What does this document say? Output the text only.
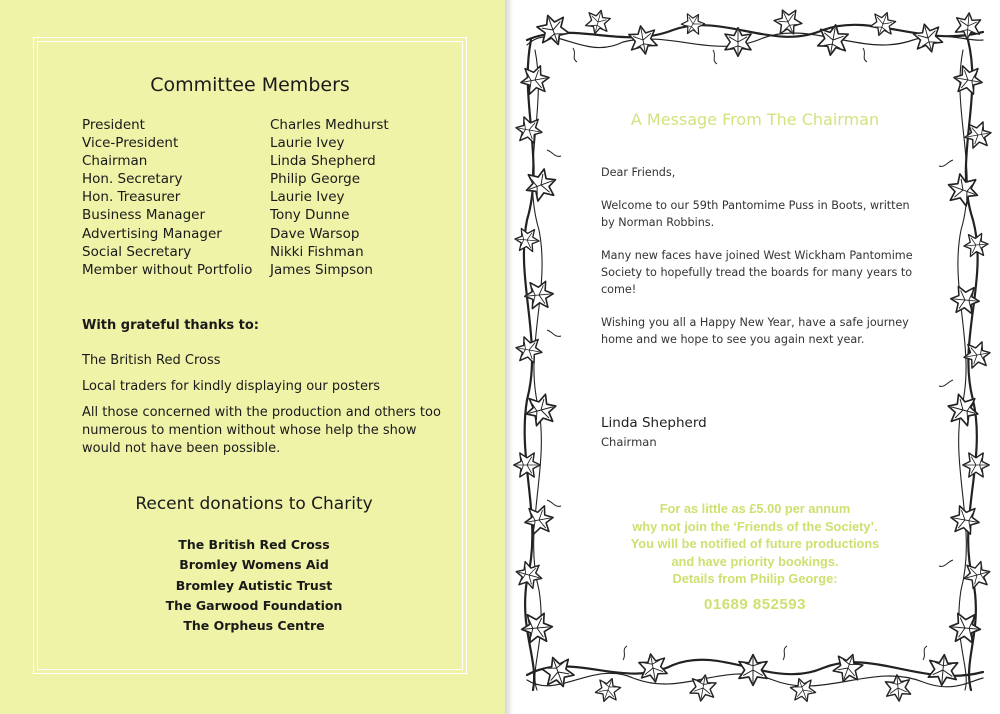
Committee Members
President	Charles Medhurst
Vice-President	Laurie Ivey
Chairman	Linda Shepherd
Hon. Secretary	Philip George
Hon. Treasurer	Laurie Ivey
Business Manager	Tony Dunne
Advertising Manager	Dave Warsop
Social Secretary	Nikki Fishman
Member without Portfolio	James Simpson
With grateful thanks to:

The British Red Cross

Local traders for kindly displaying our posters

All those concerned with the production and others too numerous to mention without whose help the show would not have been possible.

Recent donations to Charity
The British Red Cross
Bromley Womens Aid
Bromley Autistic Trust
The Garwood Foundation
The Orpheus Centre
A Message From The Chairman

Dear Friends,

Welcome to our 59th Pantomime Puss in Boots, written by Norman Robbins.

Many new faces have joined West Wickham Pantomime Society to hopefully tread the boards for many years to come!

Wishing you all a Happy New Year, have a safe journey home and we hope to see you again next year.

Linda Shepherd
Chairman
For as little as £5.00 per annum
why not join the ‘Friends of the Society’.
You will be notified of future productions
and have priority bookings.
Details from Philip George:
01689 852593
